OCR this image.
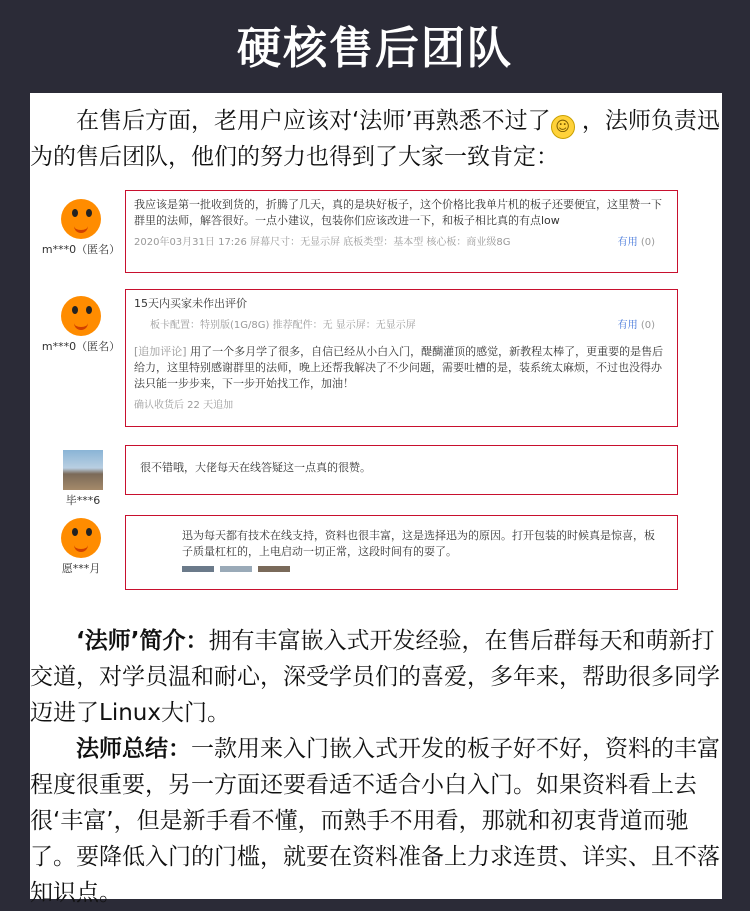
硬核售后团队

在售后方面，老用户应该对‘法师’再熟悉不过了 ☺ ，法师负责迅为的售后团队，他们的努力也得到了大家一致肯定：

m***0（匿名）
我应该是第一批收到货的，折腾了几天，真的是块好板子，这个价格比我单片机的板子还要便宜，这里赞一下群里的法师，解答很好。一点小建议，包装你们应该改进一下，和板子相比真的有点low
2020年03月31日 17:26 屏幕尺寸：无显示屏 底板类型：基本型 核心板：商业级8G	有用 (0)
m***0（匿名）
15天内买家未作出评价
板卡配置：特别版(1G/8G) 推荐配件：无 显示屏：无显示屏	有用 (0)
[追加评论] 用了一个多月学了很多，自信已经从小白入门，醍醐灌顶的感觉，新教程太棒了，更重要的是售后给力，这里特别感谢群里的法师，晚上还帮我解决了不少问题，需要吐槽的是，装系统太麻烦，不过也没得办法只能一步步来，下一步开始找工作，加油！
确认收货后 22 天追加
毕***6
很不错哦，大佬每天在线答疑这一点真的很赞。
愿***月
迅为每天都有技术在线支持，资料也很丰富，这是选择迅为的原因。打开包装的时候真是惊喜，板子质量杠杠的，上电启动一切正常，这段时间有的耍了。

‘法师’简介：拥有丰富嵌入式开发经验，在售后群每天和萌新打交道，对学员温和耐心，深受学员们的喜爱，多年来，帮助很多同学迈进了Linux大门。

法师总结：一款用来入门嵌入式开发的板子好不好，资料的丰富程度很重要，另一方面还要看适不适合小白入门。如果资料看上去很‘丰富’，但是新手看不懂，而熟手不用看，那就和初衷背道而驰了。要降低入门的门槛，就要在资料准备上力求连贯、详实、且不落知识点。
